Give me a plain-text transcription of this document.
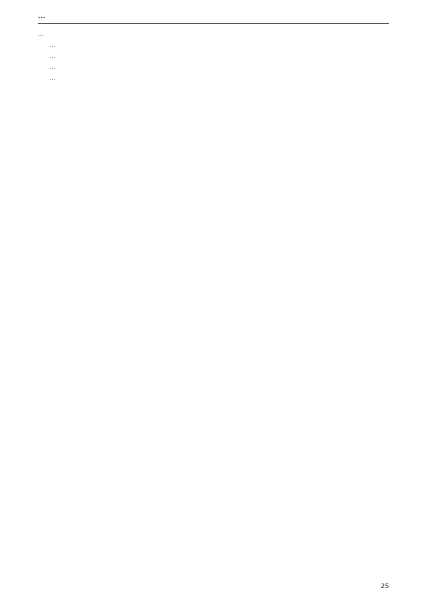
...

...

...

...

...

...

25
